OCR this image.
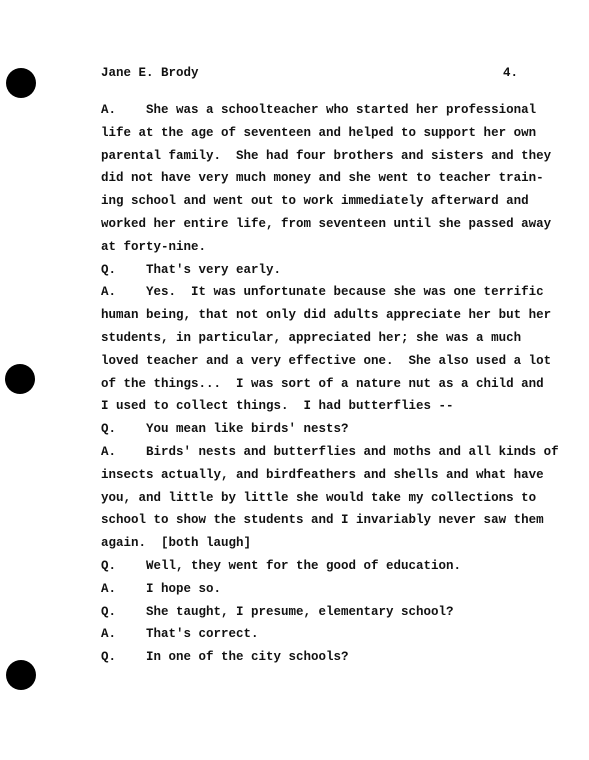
Jane E. Brody	4.

A.    She was a schoolteacher who started her professional

life at the age of seventeen and helped to support her own

parental family.  She had four brothers and sisters and they

did not have very much money and she went to teacher train-

ing school and went out to work immediately afterward and

worked her entire life, from seventeen until she passed away

at forty-nine.

Q.    That's very early.

A.    Yes.  It was unfortunate because she was one terrific

human being, that not only did adults appreciate her but her

students, in particular, appreciated her; she was a much

loved teacher and a very effective one.  She also used a lot

of the things...  I was sort of a nature nut as a child and

I used to collect things.  I had butterflies --

Q.    You mean like birds' nests?

A.    Birds' nests and butterflies and moths and all kinds of

insects actually, and birdfeathers and shells and what have

you, and little by little she would take my collections to

school to show the students and I invariably never saw them

again.  [both laugh]

Q.    Well, they went for the good of education.

A.    I hope so.

Q.    She taught, I presume, elementary school?

A.    That's correct.

Q.    In one of the city schools?
